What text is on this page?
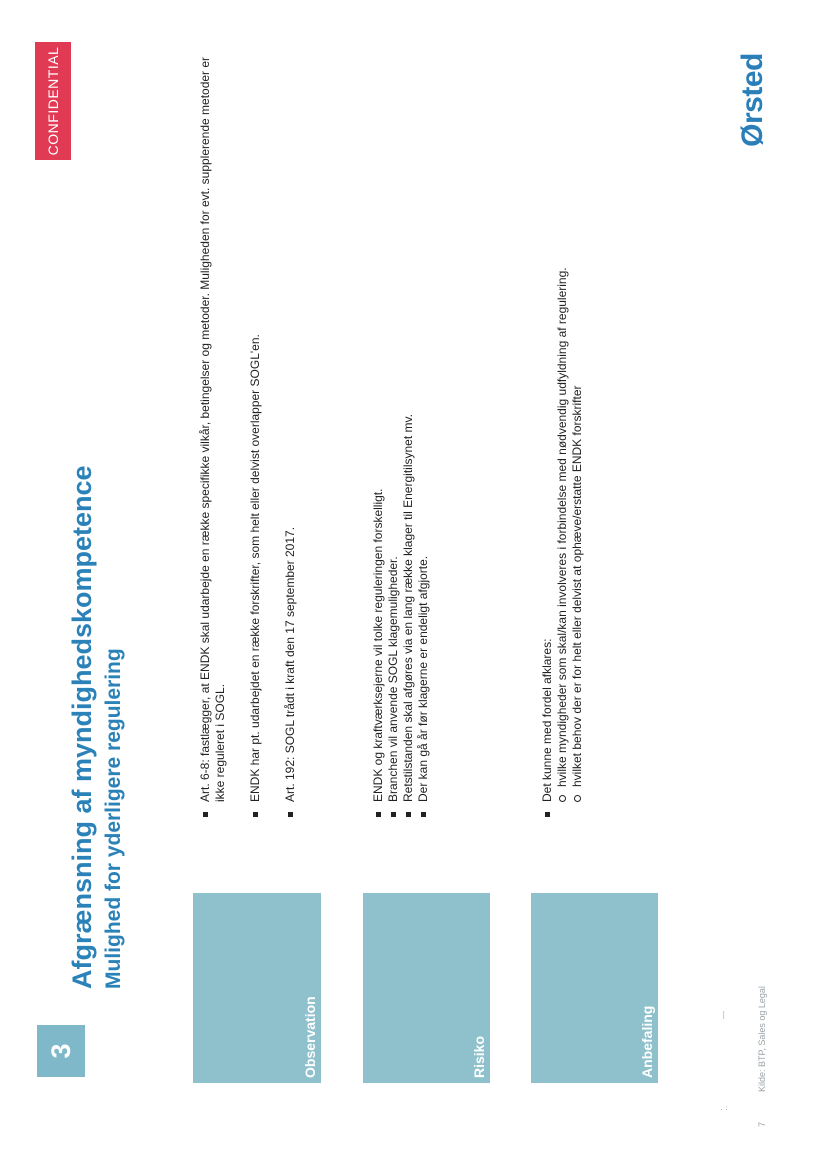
CONFIDENTIAL	Ørsted
3
Afgrænsning af myndighedskompetence Mulighed for yderligere regulering
Observation
Art. 6-8: fastlægger, at ENDK skal udarbejde en række specifikke vilkår, betingelser og metoder. Muligheden for evt. supplerende metoder er ikke reguleret i SOGL. ENDK har pt. udarbejdet en række forskrifter, som helt eller delvist overlapper SOGL'en. Art. 192: SOGL trådt i kraft den 17 september 2017.
Risiko
ENDK og kraftværksejerne vil tolke reguleringen forskelligt. Branchen vil anvende SOGL klagemuligheder. Retstilstanden skal afgøres via en lang række klager til Energitilsynet mv. Der kan gå år før klagerne er endeligt afgjorte.
Anbefaling
Det kunne med fordel afklares: hvilke myndigheder som skal/kan involveres i forbindelse med nødvendig udfyldning af regulering. hvilket behov der er for helt eller delvist at ophæve/erstatte ENDK forskrifter
7
·
··
Kilde: BTP, Sales og Legal
—
